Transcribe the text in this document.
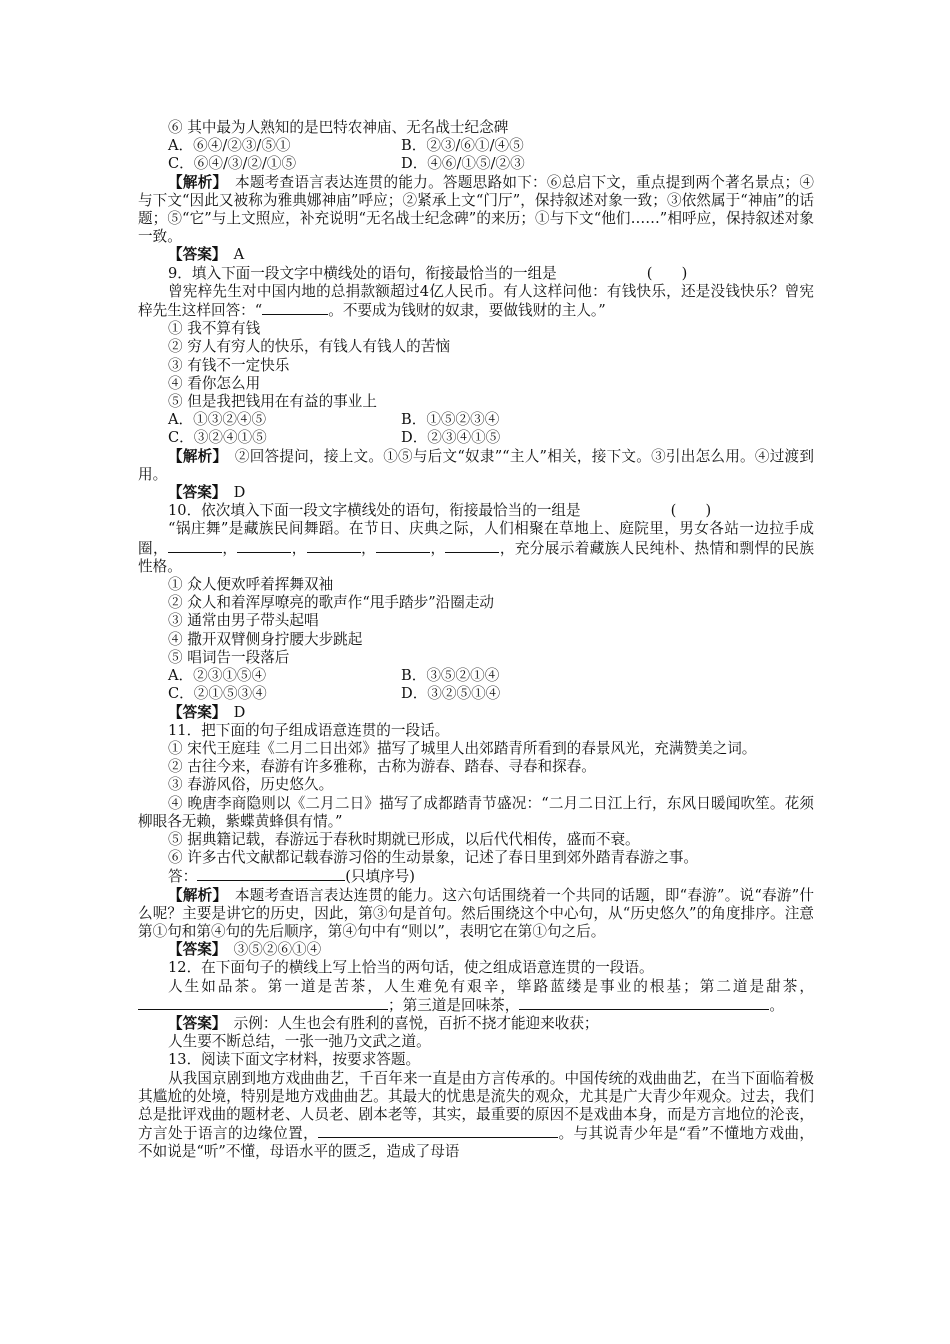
⑥ 其中最为人熟知的是巴特农神庙、无名战士纪念碑

A．⑥④/②③/⑤①	B．②③/⑥①/④⑤
C．⑥④/③/②/①⑤	D．④⑥/①⑤/②③

【解析】　本题考查语言表达连贯的能力。答题思路如下：⑥总启下文，重点提到两个著名景点；④与下文“因此又被称为雅典娜神庙”呼应；②紧承上文“门厅”，保持叙述对象一致；③依然属于“神庙”的话题；⑤“它”与上文照应，补充说明“无名战士纪念碑”的来历；①与下文“他们……”相呼应，保持叙述对象一致。

【答案】　A

9．填入下面一段文字中横线处的语句，衔接最恰当的一组是	(　　)

曾宪梓先生对中国内地的总捐款额超过4亿人民币。有人这样问他：有钱快乐，还是没钱快乐？曾宪梓先生这样回答：“	。不要成为钱财的奴隶，要做钱财的主人。”

① 我不算有钱

② 穷人有穷人的快乐，有钱人有钱人的苦恼

③ 有钱不一定快乐

④ 看你怎么用

⑤ 但是我把钱用在有益的事业上

A．①③②④⑤	B．①⑤②③④
C．③②④①⑤	D．②③④①⑤

【解析】　②回答提问，接上文。①⑤与后文“奴隶”“主人”相关，接下文。③引出怎么用。④过渡到用。

【答案】　D

10．依次填入下面一段文字横线处的语句，衔接最恰当的一组是	(　　)

“锅庄舞”是藏族民间舞蹈。在节日、庆典之际，人们相聚在草地上、庭院里，男女各站一边拉手成圈，	，	，	，	，	，充分展示着藏族人民纯朴、热情和剽悍的民族性格。

① 众人便欢呼着挥舞双袖

② 众人和着浑厚嘹亮的歌声作“甩手踏步”沿圈走动

③ 通常由男子带头起唱

④ 撒开双臂侧身拧腰大步跳起

⑤ 唱词告一段落后

A．②③①⑤④	B．③⑤②①④
C．②①⑤③④	D．③②⑤①④

【答案】　D

11．把下面的句子组成语意连贯的一段话。

① 宋代王庭珪《二月二日出郊》描写了城里人出郊踏青所看到的春景风光，充满赞美之词。

② 古往今来，春游有许多雅称，古称为游春、踏春、寻春和探春。

③ 春游风俗，历史悠久。

④ 晚唐李商隐则以《二月二日》描写了成都踏青节盛况：“二月二日江上行，东风日暖闻吹笙。花须柳眼各无赖，紫蝶黄蜂俱有情。”

⑤ 据典籍记载，春游远于春秋时期就已形成，以后代代相传，盛而不衰。

⑥ 许多古代文献都记载春游习俗的生动景象，记述了春日里到郊外踏青春游之事。

答：	(只填序号)

【解析】　本题考查语言表达连贯的能力。这六句话围绕着一个共同的话题，即“春游”。说“春游”什么呢？主要是讲它的历史，因此，第③句是首句。然后围绕这个中心句，从“历史悠久”的角度排序。注意第①句和第④句的先后顺序，第④句中有“则以”，表明它在第①句之后。

【答案】　③⑤②⑥①④

12．在下面句子的横线上写上恰当的两句话，使之组成语意连贯的一段语。

人生如品茶。第一道是苦茶，人生难免有艰辛，筚路蓝缕是事业的根基；第二道是甜茶，；第三道是回味茶，	。

【答案】　示例：人生也会有胜利的喜悦，百折不挠才能迎来收获；

人生要不断总结，一张一弛乃文武之道。

13．阅读下面文字材料，按要求答题。

从我国京剧到地方戏曲曲艺，千百年来一直是由方言传承的。中国传统的戏曲曲艺，在当下面临着极其尴尬的处境，特别是地方戏曲曲艺。其最大的忧患是流失的观众，尤其是广大青少年观众。过去，我们总是批评戏曲的题材老、人员老、剧本老等，其实，最重要的原因不是戏曲本身，而是方言地位的沦丧，方言处于语言的边缘位置，	。与其说青少年是“看”不懂地方戏曲，不如说是“听”不懂，母语水平的匮乏，造成了母语
